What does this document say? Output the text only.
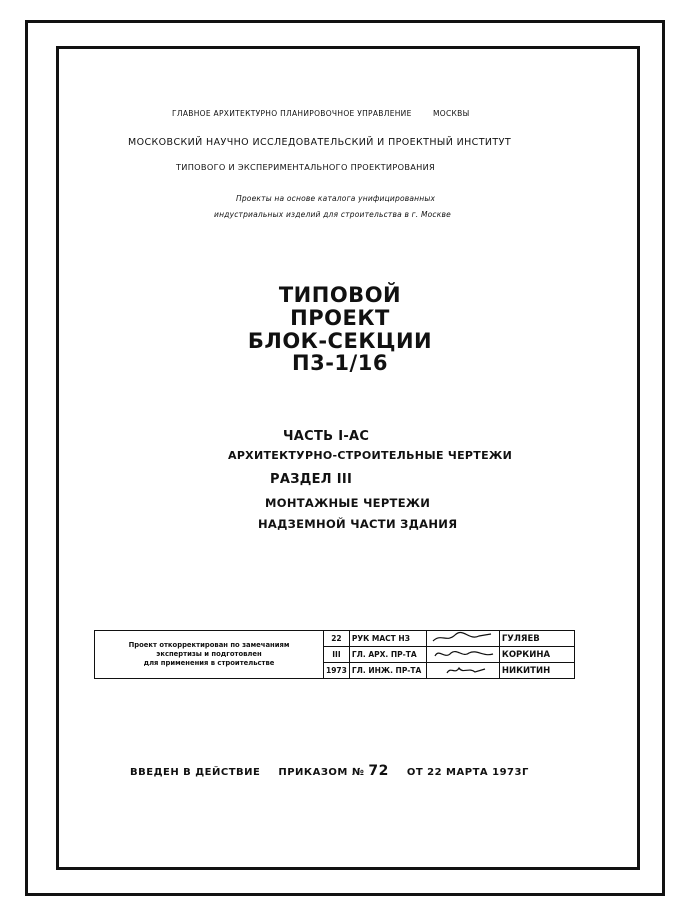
ГЛАВНОЕ АРХИТЕКТУРНО ПЛАНИРОВОЧНОЕ УПРАВЛЕНИЕ	МОСКВЫ
МОСКОВСКИЙ НАУЧНО ИССЛЕДОВАТЕЛЬСКИЙ И ПРОЕКТНЫЙ ИНСТИТУТ
ТИПОВОГО И ЭКСПЕРИМЕНТАЛЬНОГО ПРОЕКТИРОВАНИЯ
Проекты на основе каталога унифицированных
индустриальных изделий для строительства в г. Москве
ТИПОВОЙ
ПРОЕКТ
БЛОК-СЕКЦИИ
П3-1/16
ЧАСТЬ I-АС
АРХИТЕКТУРНО-СТРОИТЕЛЬНЫЕ ЧЕРТЕЖИ
РАЗДЕЛ III
МОНТАЖНЫЕ ЧЕРТЕЖИ
НАДЗЕМНОЙ ЧАСТИ ЗДАНИЯ
Проект откорректирован по замечаниям
экспертизы и подготовлен
для применения в строительстве	22	РУК МАСТ НЗ		ГУЛЯЕВ
	III	ГЛ. АРХ. ПР-ТА		КОРКИНА
	1973	ГЛ. ИНЖ. ПР-ТА		НИКИТИН
ВВЕДЕН В ДЕЙСТВИЕ ПРИКАЗОМ № 72 ОТ 22 МАРТА 1973Г
